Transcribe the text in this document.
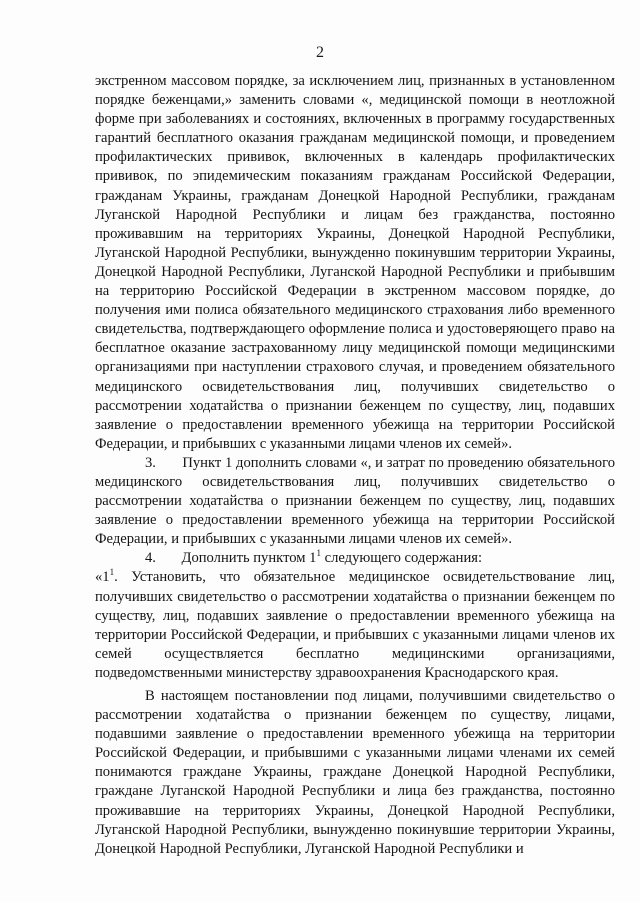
2

экстренном массовом порядке, за исключением лиц, признанных в установленном порядке беженцами,» заменить словами «, медицинской помощи в неотложной форме при заболеваниях и состояниях, включенных в программу государственных гарантий бесплатного оказания гражданам медицинской помощи, и проведением профилактических прививок, включенных в календарь профилактических прививок, по эпидемическим показаниям гражданам Российской Федерации, гражданам Украины, гражданам Донецкой Народной Республики, гражданам Луганской Народной Республики и лицам без гражданства, постоянно проживавшим на территориях Украины, Донецкой Народной Республики, Луганской Народной Республики, вынужденно покинувшим территории Украины, Донецкой Народной Республики, Луганской Народной Республики и прибывшим на территорию Российской Федерации в экстренном массовом порядке, до получения ими полиса обязательного медицинского страхования либо временного свидетельства, подтверждающего оформление полиса и удостоверяющего право на бесплатное оказание застрахованному лицу медицинской помощи медицинскими организациями при наступлении страхового случая, и проведением обязательного медицинского освидетельствования лиц, получивших свидетельство о рассмотрении ходатайства о признании беженцем по существу, лиц, подавших заявление о предоставлении временного убежища на территории Российской Федерации, и прибывших с указанными лицами членов их семей».

3. Пункт 1 дополнить словами «, и затрат по проведению обязательного медицинского освидетельствования лиц, получивших свидетельство о рассмотрении ходатайства о признании беженцем по существу, лиц, подавших заявление о предоставлении временного убежища на территории Российской Федерации, и прибывших с указанными лицами членов их семей».

4. Дополнить пунктом $1^1$ следующего содержания:

«$1^1$. Установить, что обязательное медицинское освидетельствование лиц, получивших свидетельство о рассмотрении ходатайства о признании беженцем по существу, лиц, подавших заявление о предоставлении временного убежища на территории Российской Федерации, и прибывших с указанными лицами членов их семей осуществляется бесплатно медицинскими организациями, подведомственными министерству здравоохранения Краснодарского края.

В настоящем постановлении под лицами, получившими свидетельство о рассмотрении ходатайства о признании беженцем по существу, лицами, подавшими заявление о предоставлении временного убежища на территории Российской Федерации, и прибывшими с указанными лицами членами их семей понимаются граждане Украины, граждане Донецкой Народной Республики, граждане Луганской Народной Республики и лица без гражданства, постоянно проживавшие на территориях Украины, Донецкой Народной Республики, Луганской Народной Республики, вынужденно покинувшие территории Украины, Донецкой Народной Республики, Луганской Народной Республики и
